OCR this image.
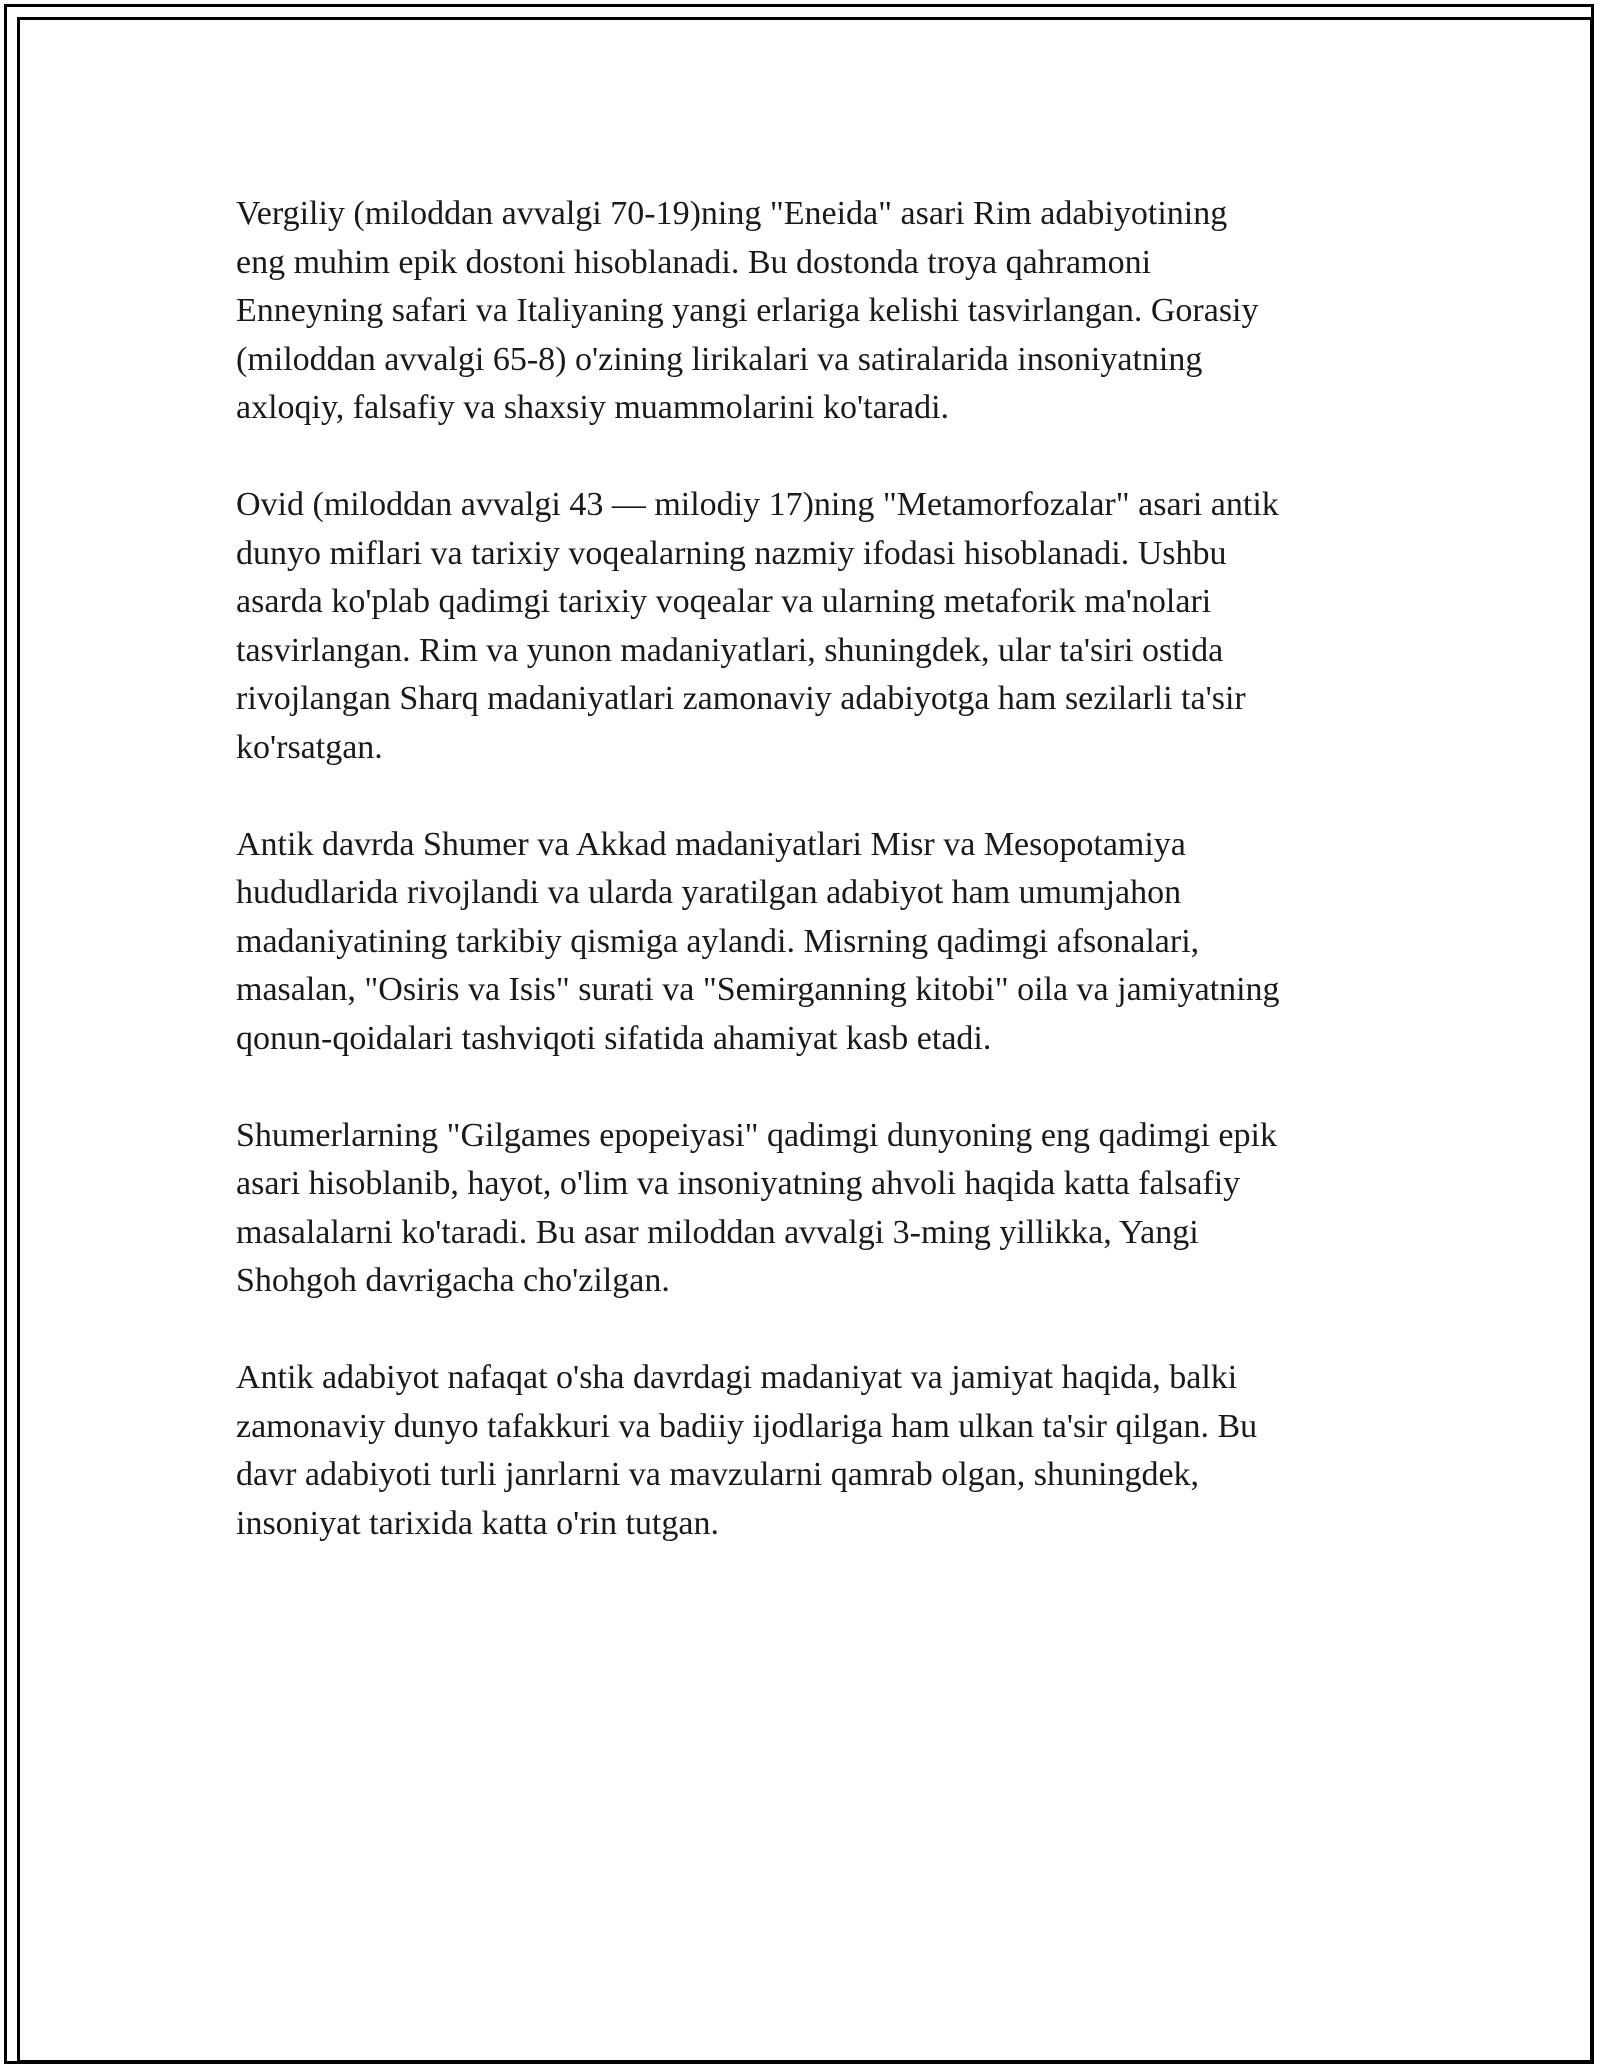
Vergiliy (miloddan avvalgi 70-19)ning "Eneida" asari Rim adabiyotining
eng muhim epik dostoni hisoblanadi. Bu dostonda troya qahramoni
Enneyning safari va Italiyaning yangi erlariga kelishi tasvirlangan. Gorasiy
(miloddan avvalgi 65-8) o'zining lirikalari va satiralarida insoniyatning
axloqiy, falsafiy va shaxsiy muammolarini ko'taradi.

Ovid (miloddan avvalgi 43 — milodiy 17)ning "Metamorfozalar" asari antik
dunyo miflari va tarixiy voqealarning nazmiy ifodasi hisoblanadi. Ushbu
asarda ko'plab qadimgi tarixiy voqealar va ularning metaforik ma'nolari
tasvirlangan. Rim va yunon madaniyatlari, shuningdek, ular ta'siri ostida
rivojlangan Sharq madaniyatlari zamonaviy adabiyotga ham sezilarli ta'sir
ko'rsatgan.

Antik davrda Shumer va Akkad madaniyatlari Misr va Mesopotamiya
hududlarida rivojlandi va ularda yaratilgan adabiyot ham umumjahon
madaniyatining tarkibiy qismiga aylandi. Misrning qadimgi afsonalari,
masalan, "Osiris va Isis" surati va "Semirganning kitobi" oila va jamiyatning
qonun-qoidalari tashviqoti sifatida ahamiyat kasb etadi.

Shumerlarning "Gilgames epopeiyasi" qadimgi dunyoning eng qadimgi epik
asari hisoblanib, hayot, o'lim va insoniyatning ahvoli haqida katta falsafiy
masalalarni ko'taradi. Bu asar miloddan avvalgi 3-ming yillikka, Yangi
Shohgoh davrigacha cho'zilgan.

Antik adabiyot nafaqat o'sha davrdagi madaniyat va jamiyat haqida, balki
zamonaviy dunyo tafakkuri va badiiy ijodlariga ham ulkan ta'sir qilgan. Bu
davr adabiyoti turli janrlarni va mavzularni qamrab olgan, shuningdek,
insoniyat tarixida katta o'rin tutgan.
